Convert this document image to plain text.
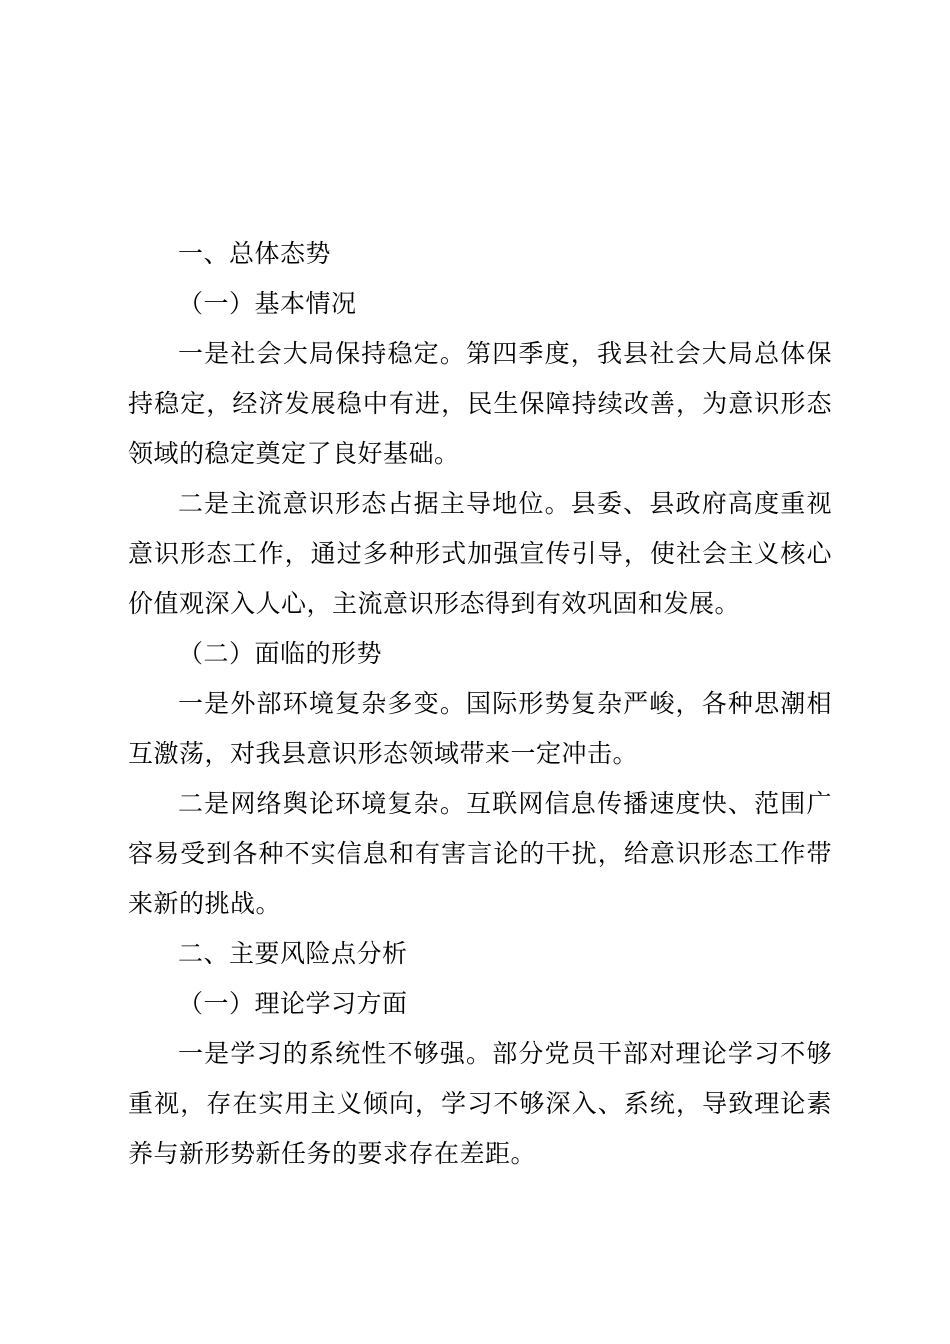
一、总体态势

（一）基本情况

一是社会大局保持稳定。第四季度，我县社会大局总体保持稳定，经济发展稳中有进，民生保障持续改善，为意识形态领域的稳定奠定了良好基础。

二是主流意识形态占据主导地位。县委、县政府高度重视意识形态工作，通过多种形式加强宣传引导，使社会主义核心价值观深入人心，主流意识形态得到有效巩固和发展。

（二）面临的形势

一是外部环境复杂多变。国际形势复杂严峻，各种思潮相互激荡，对我县意识形态领域带来一定冲击。

二是网络舆论环境复杂。互联网信息传播速度快、范围广容易受到各种不实信息和有害言论的干扰，给意识形态工作带来新的挑战。

二、主要风险点分析

（一）理论学习方面

一是学习的系统性不够强。部分党员干部对理论学习不够重视，存在实用主义倾向，学习不够深入、系统，导致理论素养与新形势新任务的要求存在差距。
